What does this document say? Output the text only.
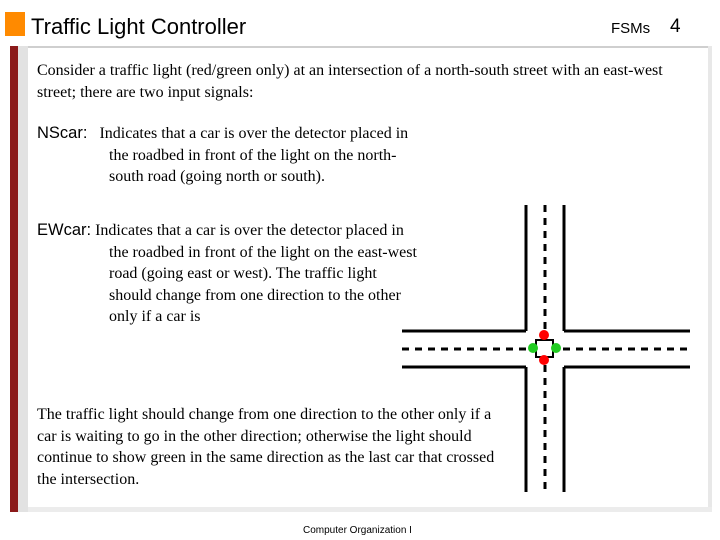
Traffic Light Controller	FSMs 4

Consider a traffic light (red/green only) at an intersection of a north-south street with an east-west street; there are two input signals:

NScar: Indicates that a car is over the detector placed in
the roadbed in front of the light on the north-
south road (going north or south).
EWcar: Indicates that a car is over the detector placed in
the roadbed in front of the light on the east-west
road (going east or west). The traffic light
should change from one direction to the other
only if a car is

The traffic light should change from one direction to the other only if a car is waiting to go in the other direction; otherwise the light should continue to show green in the same direction as the last car that crossed the intersection.

Computer Organization I
